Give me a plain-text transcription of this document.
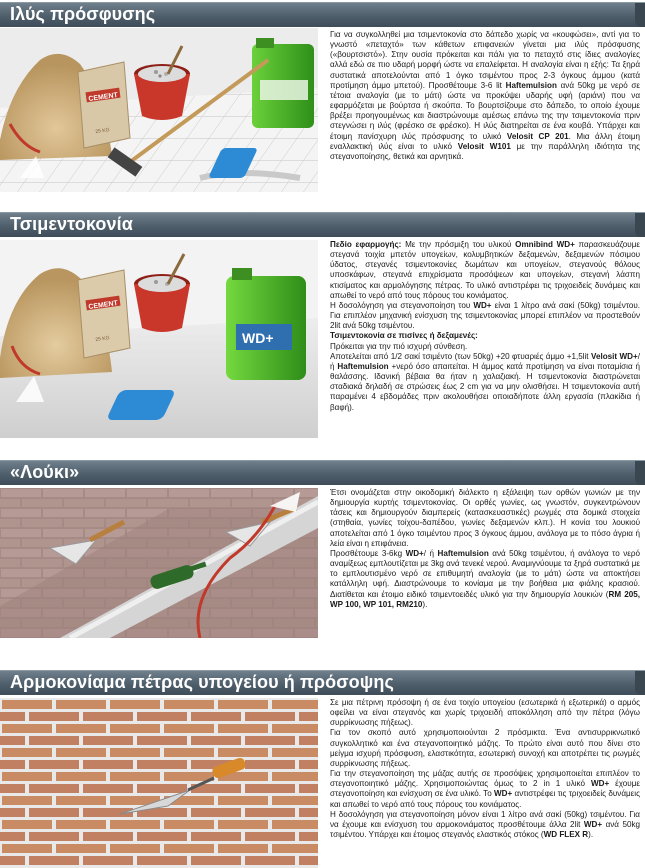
Ιλύς πρόσφυσης
CEMENT
25 KG

Για να συγκολληθεί μια τσιμεντοκονία στο δάπεδο χωρίς να «κουφώσει», αντί για το γνωστό «πεταχτό» των κάθετων επιφανειών γίνεται μια ιλύς πρόσφυσης («βουρτσιστό»). Στην ουσία πρόκειται και πάλι για το πεταχτό στις ίδιες αναλογίες αλλά εδώ σε πιο υδαρή μορφή ώστε να επαλείφεται. Η αναλογία είναι η εξής: Τα ξηρά συστατικά αποτελούνται από 1 όγκο τσιμέντου προς 2-3 όγκους άμμου (κατά προτίμηση άμμο μπετού). Προσθέτουμε 3-6 lit Haftemulsion ανά 50kg με νερό σε τέτοια αναλογία (με το μάτι) ώστε να προκύψει υδαρής υφή (αριάνι) που να εφαρμόζεται με βούρτσα ή σκούπα. Το βουρτσίζουμε στο δάπεδο, το οποίο έχουμε βρέξει προηγουμένως και διαστρώνουμε αμέσως επάνω της την τσιμεντοκονία πριν στεγνώσει η ιλύς (φρέσκο σε φρέσκο). Η ιλύς διατηρείται σε ένα κουβά. Υπάρχει και έτοιμη πανίσχυρη ιλύς πρόσφυσης το υλικό Velosit CP 201. Μια άλλη έτοιμη εναλλακτική ιλύς είναι το υλικό Velosit W101 με την παράλληλη ιδιότητα της στεγανοποίησης, θετικά και αρνητικά.

Τσιμεντοκονία
CEMENT
25 KG	WD+

Πεδίο εφαρμογής: Με την πρόσμιξη του υλικού Omnibind WD+ παρασκευάζουμε στεγανά τοιχία μπετόν υπογείων, κολυμβητικών δεξαμενών, δεξαμενών πόσιμου ύδατος, στεγανές τσιμεντοκονίες δωμάτων και υπογείων, στεγανούς θόλους υποσκάφων, στεγανά επιχρίσματα προσόψεων και υπογείων, στεγανή λάσπη κτισίματος και αρμολόγησης πέτρας. Το υλικό αντιστρέφει τις τριχοειδείς δυνάμεις και απωθεί το νερό από τους πόρους του κονιάματος.

Η δοσολόγηση για στεγανοποίηση του WD+ είναι 1 λίτρο ανά σακί (50kg) τσιμέντου. Για επιπλέον μηχανική ενίσχυση της τσιμεντοκονίας μπορεί επιπλέον να προστεθούν 2lit ανά 50kg τσιμέντου.

Τσιμεντοκονία σε πισίνες ή δεξαμενές:

Πρόκειται για την πιό ισχυρή σύνθεση.

Αποτελείται από 1/2 σακί τσιμέντο (των 50kg) +20 φτυαριές άμμο +1,5lit Velosit WD+/ ή Haftemulsion +νερό όσο απαιτείται. Η άμμος κατά προτίμηση να είναι ποταμίσια ή θαλάσσης. Ιδανική βέβαια θα ήταν η χαλαζιακή. Η τσιμεντοκονία διαστρώνεται σταδιακά δηλαδή σε στρώσεις έως 2 cm για να μην ολισθήσει. Η τσιμεντοκονία αυτή παραμένει 4 εβδομάδες πριν ακολουθήσει οποιαδήποτε άλλη εργασία (πλακίδια ή βαφή).

«Λούκι»

Έτσι ονομάζεται στην οικοδομική διάλεκτο η εξάλειψη των ορθών γωνιών με την δημιουργία κυρτής τσιμεντοκονίας. Οι ορθές γωνίες, ως γνωστόν, συγκεντρώνουν τάσεις και δημιουργούν διαμπερείς (κατασκευαστικές) ρωγμές στα δομικά στοιχεία (στηθαία, γωνίες τοίχου-δαπέδου, γωνίες δεξαμενών κλπ.). Η κονία του λουκιού αποτελείται από 1 όγκο τσιμέντου προς 3 όγκους άμμου, ανάλογα με το πόσο άγρια ή λεία είναι η επιφάνεια.

Προσθέτουμε 3-6kg WD+/ ή Haftemulsion ανά 50kg τσιμέντου, ή ανάλογα το νερό αναμίξεως εμπλουτίζεται με 3kg ανά τενεκέ νερού. Αναμιγνύουμε τα ξηρά συστατικά με το εμπλουτισμένο νερό σε επιθυμητή αναλογία (με το μάτι) ώστε να αποκτήσει κατάλληλη υφή. Διαστρώνουμε το κονίαμα με την βοήθεια μια φιάλης κρασιού. Διατίθεται και έτοιμο ειδικό τσιμεντοειδές υλικό για την δημιουργία λουκιών (RM 205, WP 100, WP 101, RM210).

Αρμοκονίαμα πέτρας υπογείου ή πρόσοψης

Σε μια πέτρινη πρόσοψη ή σε ένα τοιχίο υπογείου (εσωτερικά ή εξωτερικά) ο αρμός οφείλει να είναι στεγανός και χωρίς τριχοειδή αποκόλληση από την πέτρα (λόγω συρρίκνωσης πήξεως).

Για τον σκοπό αυτό χρησιμοποιούνται 2 πρόσμικτα. Ένα αντισυρρικνωτικό συγκολλητικό και ένα στεγανοποιητικό μάζης. Το πρώτο είναι αυτό που δίνει στο μείγμα ισχυρή πρόσφυση, ελαστικότητα, εσωτερική συνοχή και αποτρέπει τις ρωγμές συρρίκνωσης πήξεως.

Για την στεγανοποίηση της μάζας αυτής σε προσόψεις χρησιμοποιείται επιπλέον το στεγανοποιητικό μάζης. Χρησιμοποιώντας όμως το 2 in 1 υλικό WD+ έχουμε στεγανοποίηση και ενίσχυση σε ένα υλικό. Το WD+ αντιστρέφει τις τριχοειδείς δυνάμεις και απωθεί το νερό από τους πόρους του κονιάματος.

Η δοσολόγηση για στεγανοποίηση μόνον είναι 1 λίτρο ανά σακί (50kg) τσιμέντου. Για να έχουμε και ενίσχυση του αρμοκονιάματος προσθέτουμε άλλα 2lit WD+ ανά 50kg τσιμέντου. Υπάρχει και έτοιμος στεγανός ελαστικός στόκος (WD FLEX R).
